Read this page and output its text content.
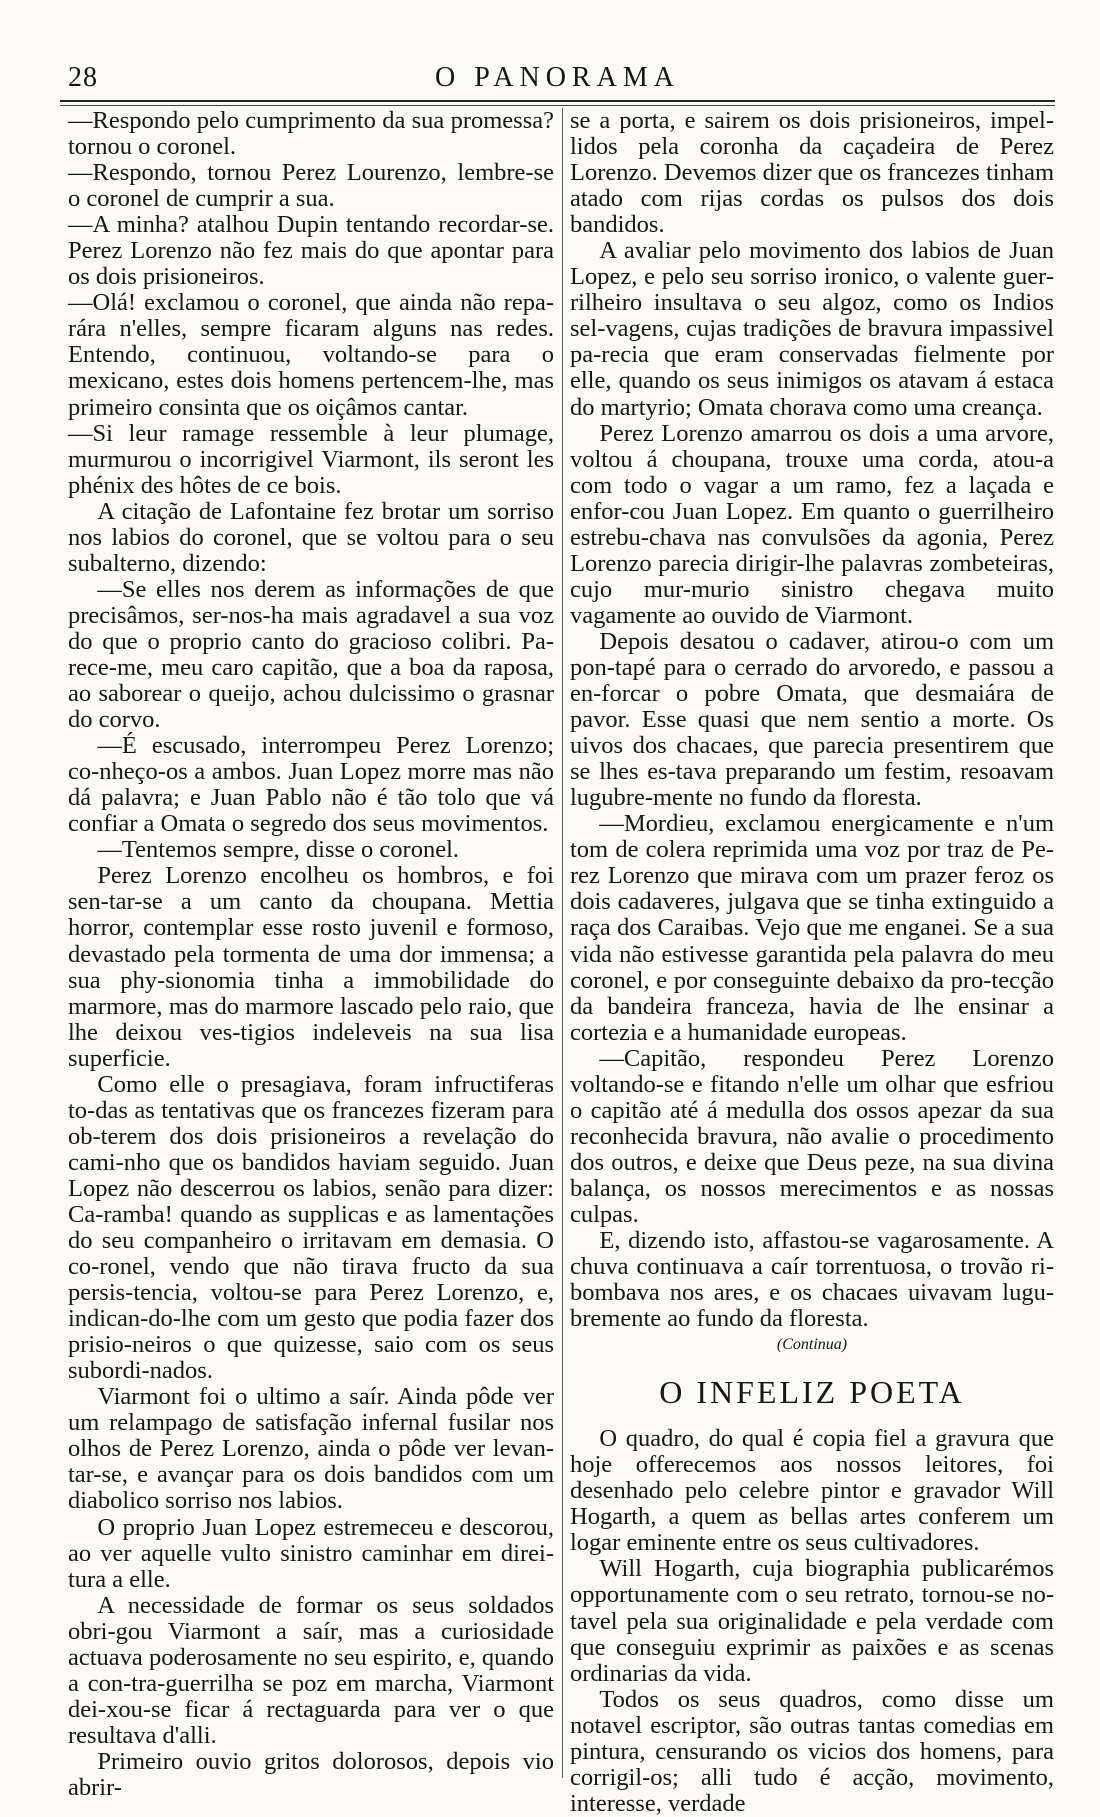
28	O PANORAMA

—Respondo pelo cumprimento da sua promessa? tornou o coronel.

—Respondo, tornou Perez Lourenzo, lembre-se o coronel de cumprir a sua.

—A minha? atalhou Dupin tentando recordar-se. Perez Lorenzo não fez mais do que apontar para os dois prisioneiros.

—Olá! exclamou o coronel, que ainda não repa-rára n'elles, sempre ficaram alguns nas redes. Entendo, continuou, voltando-se para o mexicano, estes dois homens pertencem-lhe, mas primeiro consinta que os oiçâmos cantar.

—Si leur ramage ressemble à leur plumage, murmurou o incorrigivel Viarmont, ils seront les phénix des hôtes de ce bois.

A citação de Lafontaine fez brotar um sorriso nos labios do coronel, que se voltou para o seu subalterno, dizendo:

—Se elles nos derem as informações de que precisâmos, ser-nos-ha mais agradavel a sua voz do que o proprio canto do gracioso colibri. Pa-rece-me, meu caro capitão, que a boa da raposa, ao saborear o queijo, achou dulcissimo o grasnar do corvo.

—É escusado, interrompeu Perez Lorenzo; co-nheço-os a ambos. Juan Lopez morre mas não dá palavra; e Juan Pablo não é tão tolo que vá confiar a Omata o segredo dos seus movimentos.

—Tentemos sempre, disse o coronel.

Perez Lorenzo encolheu os hombros, e foi sen-tar-se a um canto da choupana. Mettia horror, contemplar esse rosto juvenil e formoso, devastado pela tormenta de uma dor immensa; a sua phy-sionomia tinha a immobilidade do marmore, mas do marmore lascado pelo raio, que lhe deixou ves-tigios indeleveis na sua lisa superficie.

Como elle o presagiava, foram infructiferas to-das as tentativas que os francezes fizeram para ob-terem dos dois prisioneiros a revelação do cami-nho que os bandidos haviam seguido. Juan Lopez não descerrou os labios, senão para dizer: Ca-ramba! quando as supplicas e as lamentações do seu companheiro o irritavam em demasia. O co-ronel, vendo que não tirava fructo da sua persis-tencia, voltou-se para Perez Lorenzo, e, indican-do-lhe com um gesto que podia fazer dos prisio-neiros o que quizesse, saio com os seus subordi-nados.

Viarmont foi o ultimo a saír. Ainda pôde ver um relampago de satisfação infernal fusilar nos olhos de Perez Lorenzo, ainda o pôde ver levan-tar-se, e avançar para os dois bandidos com um diabolico sorriso nos labios.

O proprio Juan Lopez estremeceu e descorou, ao ver aquelle vulto sinistro caminhar em direi-tura a elle.

A necessidade de formar os seus soldados obri-gou Viarmont a saír, mas a curiosidade actuava poderosamente no seu espirito, e, quando a con-tra-guerrilha se poz em marcha, Viarmont dei-xou-se ficar á rectaguarda para ver o que resultava d'alli.

Primeiro ouvio gritos dolorosos, depois vio abrir-

se a porta, e sairem os dois prisioneiros, impel-lidos pela coronha da caçadeira de Perez Lorenzo. Devemos dizer que os francezes tinham atado com rijas cordas os pulsos dos dois bandidos.

A avaliar pelo movimento dos labios de Juan Lopez, e pelo seu sorriso ironico, o valente guer-rilheiro insultava o seu algoz, como os Indios sel-vagens, cujas tradições de bravura impassivel pa-recia que eram conservadas fielmente por elle, quando os seus inimigos os atavam á estaca do martyrio; Omata chorava como uma creança.

Perez Lorenzo amarrou os dois a uma arvore, voltou á choupana, trouxe uma corda, atou-a com todo o vagar a um ramo, fez a laçada e enfor-cou Juan Lopez. Em quanto o guerrilheiro estrebu-chava nas convulsões da agonia, Perez Lorenzo parecia dirigir-lhe palavras zombeteiras, cujo mur-murio sinistro chegava muito vagamente ao ouvido de Viarmont.

Depois desatou o cadaver, atirou-o com um pon-tapé para o cerrado do arvoredo, e passou a en-forcar o pobre Omata, que desmaiára de pavor. Esse quasi que nem sentio a morte. Os uivos dos chacaes, que parecia presentirem que se lhes es-tava preparando um festim, resoavam lugubre-mente no fundo da floresta.

—Mordieu, exclamou energicamente e n'um tom de colera reprimida uma voz por traz de Pe-rez Lorenzo que mirava com um prazer feroz os dois cadaveres, julgava que se tinha extinguido a raça dos Caraibas. Vejo que me enganei. Se a sua vida não estivesse garantida pela palavra do meu coronel, e por conseguinte debaixo da pro-tecção da bandeira franceza, havia de lhe ensinar a cortezia e a humanidade europeas.

—Capitão, respondeu Perez Lorenzo voltando-se e fitando n'elle um olhar que esfriou o capitão até á medulla dos ossos apezar da sua reconhecida bravura, não avalie o procedimento dos outros, e deixe que Deus peze, na sua divina balança, os nossos merecimentos e as nossas culpas.

E, dizendo isto, affastou-se vagarosamente. A chuva continuava a caír torrentuosa, o trovão ri-bombava nos ares, e os chacaes uivavam lugu-bremente ao fundo da floresta.

(Continua)
O INFELIZ POETA

O quadro, do qual é copia fiel a gravura que hoje offerecemos aos nossos leitores, foi desenhado pelo celebre pintor e gravador Will Hogarth, a quem as bellas artes conferem um logar eminente entre os seus cultivadores.

Will Hogarth, cuja biographia publicarémos opportunamente com o seu retrato, tornou-se no-tavel pela sua originalidade e pela verdade com que conseguiu exprimir as paixões e as scenas ordinarias da vida.

Todos os seus quadros, como disse um notavel escriptor, são outras tantas comedias em pintura, censurando os vicios dos homens, para corrigil-os; alli tudo é acção, movimento, interesse, verdade
